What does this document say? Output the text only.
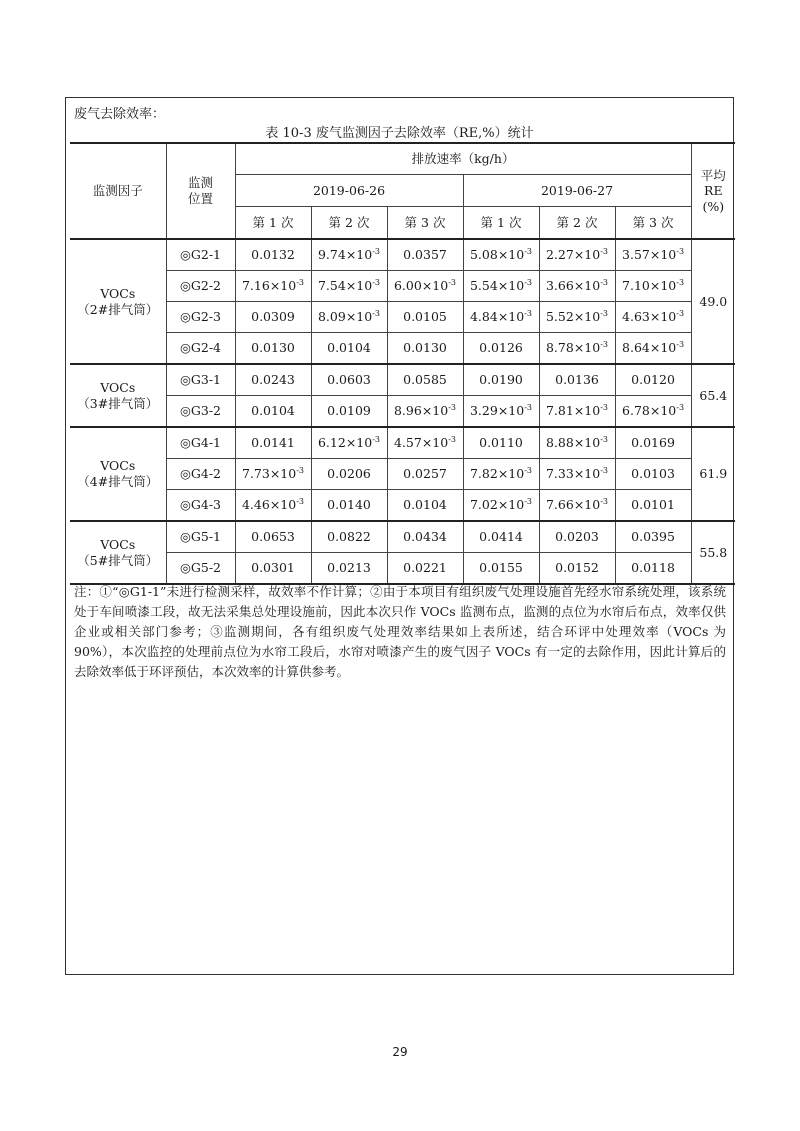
废气去除效率：
表 10-3 废气监测因子去除效率（RE,%）统计
监测因子	监测
位置	排放速率（kg/h）						平均
RE
(%)
		2019-06-26			2019-06-27			
		第 1 次	第 2 次	第 3 次	第 1 次	第 2 次	第 3 次	
VOCs
（2#排气筒）	◎G2-1	0.0132	$9.74\times 10^{-3}$	0.0357	$5.08\times 10^{-3}$	$2.27\times 10^{-3}$	$3.57\times 10^{-3}$	49.0
	◎G2-2	$7.16\times 10^{-3}$	$7.54\times 10^{-3}$	$6.00\times 10^{-3}$	$5.54\times 10^{-3}$	$3.66\times 10^{-3}$	$7.10\times 10^{-3}$
	◎G2-3	0.0309	$8.09\times 10^{-3}$	0.0105	$4.84\times 10^{-3}$	$5.52\times 10^{-3}$	$4.63\times 10^{-3}$
	◎G2-4	0.0130	0.0104	0.0130	0.0126	$8.78\times 10^{-3}$	$8.64\times 10^{-3}$
VOCs
（3#排气筒）	◎G3-1	0.0243	0.0603	0.0585	0.0190	0.0136	0.0120	65.4
	◎G3-2	0.0104	0.0109	$8.96\times 10^{-3}$	$3.29\times 10^{-3}$	$7.81\times 10^{-3}$	$6.78\times 10^{-3}$
VOCs
（4#排气筒）	◎G4-1	0.0141	$6.12\times 10^{-3}$	$4.57\times 10^{-3}$	0.0110	$8.88\times 10^{-3}$	0.0169	61.9
	◎G4-2	$7.73\times 10^{-3}$	0.0206	0.0257	$7.82\times 10^{-3}$	$7.33\times 10^{-3}$	0.0103	
	◎G4-3	$4.46\times 10^{-3}$	0.0140	0.0104	$7.02\times 10^{-3}$	$7.66\times 10^{-3}$	0.0101	
VOCs
（5#排气筒）	◎G5-1	0.0653	0.0822	0.0434	0.0414	0.0203	0.0395	55.8
	◎G5-2	0.0301	0.0213	0.0221	0.0155	0.0152	0.0118	
注：①“◎G1-1”未进行检测采样，故效率不作计算；②由于本项目有组织废气处理设施首先经水帘系统处理，该系统处于车间喷漆工段，故无法采集总处理设施前，因此本次只作 VOCs 监测布点，监测的点位为水帘后布点，效率仅供企业或相关部门参考；③监测期间，各有组织废气处理效率结果如上表所述，结合环评中处理效率（VOCs 为 90%），本次监控的处理前点位为水帘工段后，水帘对喷漆产生的废气因子 VOCs 有一定的去除作用，因此计算后的去除效率低于环评预估，本次效率的计算供参考。
29
